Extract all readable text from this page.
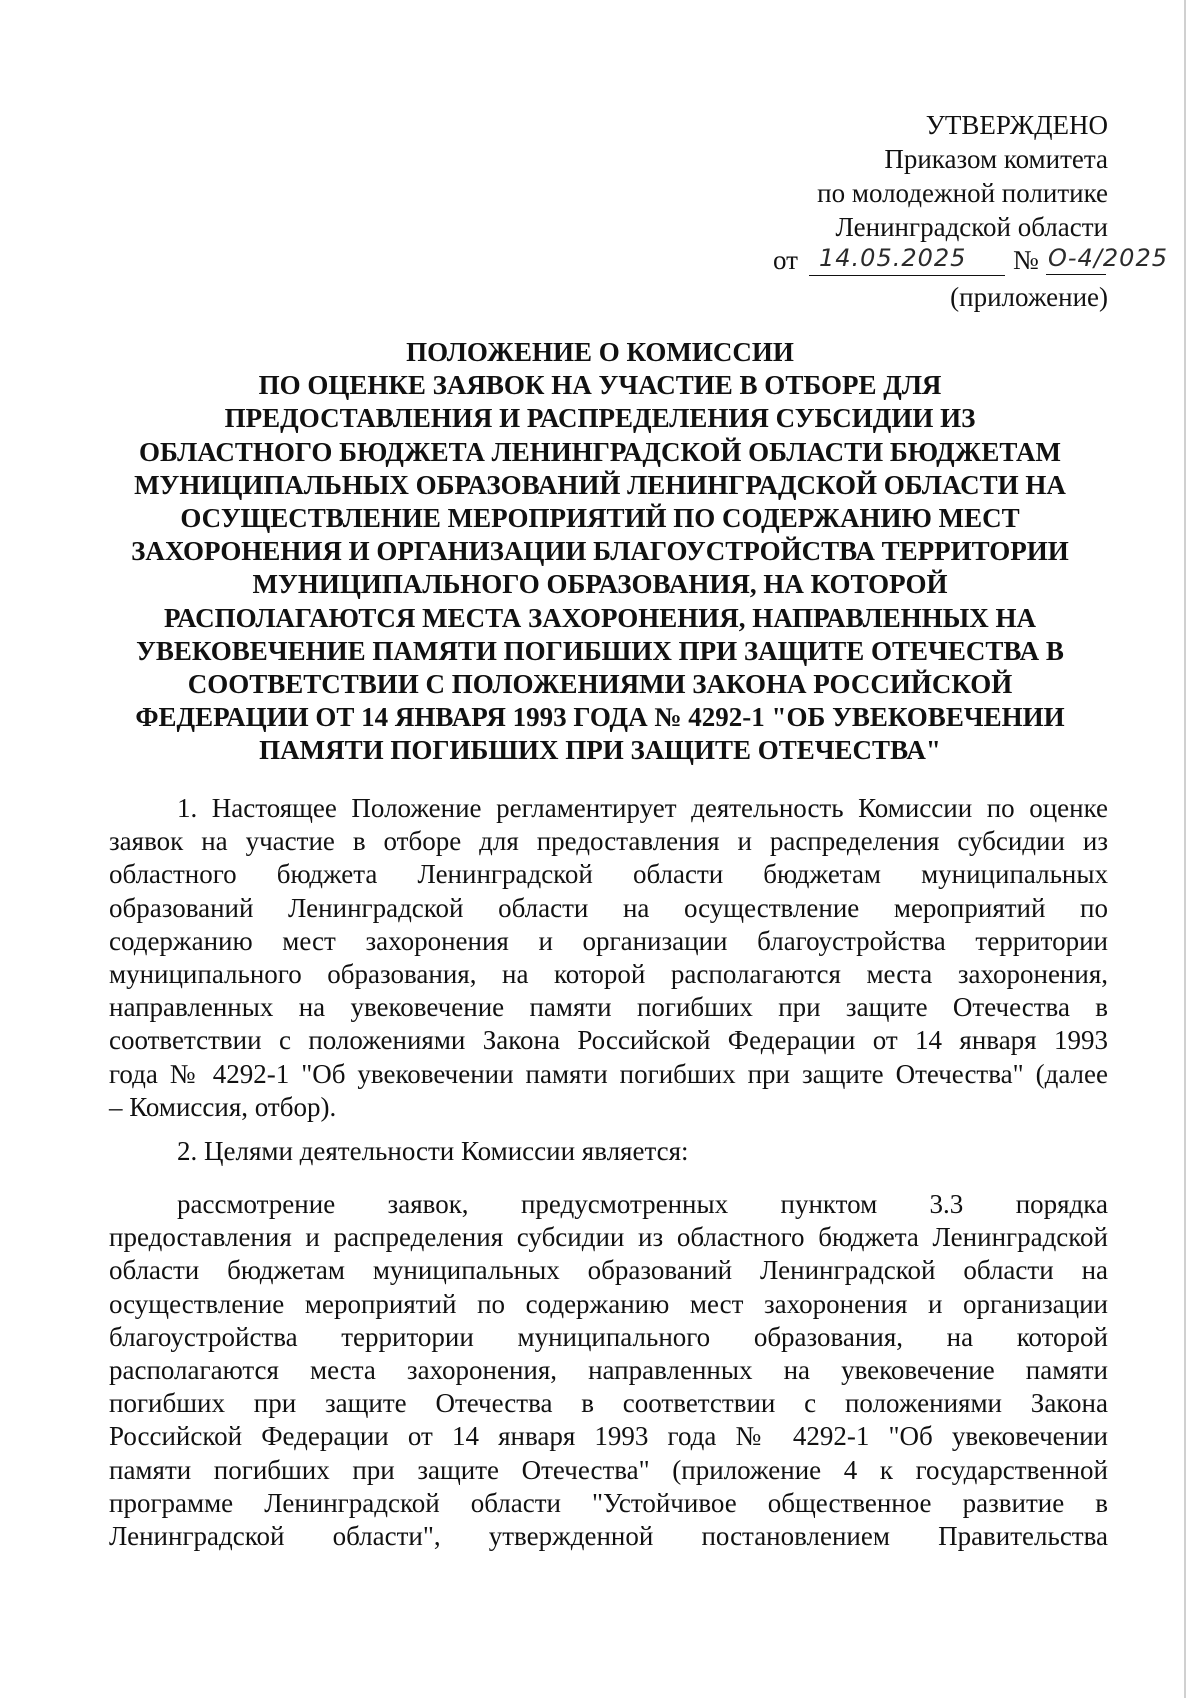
УТВЕРЖДЕНО
Приказом комитета
по молодежной политике
Ленинградской области
от 14.05.2025 № О-4/2025
(приложение)
ПОЛОЖЕНИЕ О КОМИССИИ
ПО ОЦЕНКЕ ЗАЯВОК НА УЧАСТИЕ В ОТБОРЕ ДЛЯ
ПРЕДОСТАВЛЕНИЯ И РАСПРЕДЕЛЕНИЯ СУБСИДИИ ИЗ
ОБЛАСТНОГО БЮДЖЕТА ЛЕНИНГРАДСКОЙ ОБЛАСТИ БЮДЖЕТАМ
МУНИЦИПАЛЬНЫХ ОБРАЗОВАНИЙ ЛЕНИНГРАДСКОЙ ОБЛАСТИ НА
ОСУЩЕСТВЛЕНИЕ МЕРОПРИЯТИЙ ПО СОДЕРЖАНИЮ МЕСТ
ЗАХОРОНЕНИЯ И ОРГАНИЗАЦИИ БЛАГОУСТРОЙСТВА ТЕРРИТОРИИ
МУНИЦИПАЛЬНОГО ОБРАЗОВАНИЯ, НА КОТОРОЙ
РАСПОЛАГАЮТСЯ МЕСТА ЗАХОРОНЕНИЯ, НАПРАВЛЕННЫХ НА
УВЕКОВЕЧЕНИЕ ПАМЯТИ ПОГИБШИХ ПРИ ЗАЩИТЕ ОТЕЧЕСТВА В
СООТВЕТСТВИИ С ПОЛОЖЕНИЯМИ ЗАКОНА РОССИЙСКОЙ
ФЕДЕРАЦИИ ОТ 14 ЯНВАРЯ 1993 ГОДА № 4292-1 "ОБ УВЕКОВЕЧЕНИИ
ПАМЯТИ ПОГИБШИХ ПРИ ЗАЩИТЕ ОТЕЧЕСТВА"
1. Настоящее Положение регламентирует деятельность Комиссии по оценке
заявок на участие в отборе для предоставления и распределения субсидии из
областного бюджета Ленинградской области бюджетам муниципальных
образований Ленинградской области на осуществление мероприятий по
содержанию мест захоронения и организации благоустройства территории
муниципального образования, на которой располагаются места захоронения,
направленных на увековечение памяти погибших при защите Отечества в
соответствии с положениями Закона Российской Федерации от 14 января 1993
года № 4292-1 "Об увековечении памяти погибших при защите Отечества" (далее
– Комиссия, отбор).
2. Целями деятельности Комиссии является:
рассмотрение заявок, предусмотренных пунктом 3.3 порядка
предоставления и распределения субсидии из областного бюджета Ленинградской
области бюджетам муниципальных образований Ленинградской области на
осуществление мероприятий по содержанию мест захоронения и организации
благоустройства территории муниципального образования, на которой
располагаются места захоронения, направленных на увековечение памяти
погибших при защите Отечества в соответствии с положениями Закона
Российской Федерации от 14 января 1993 года № 4292-1 "Об увековечении
памяти погибших при защите Отечества" (приложение 4 к государственной
программе Ленинградской области "Устойчивое общественное развитие в
Ленинградской области", утвержденной постановлением Правительства
